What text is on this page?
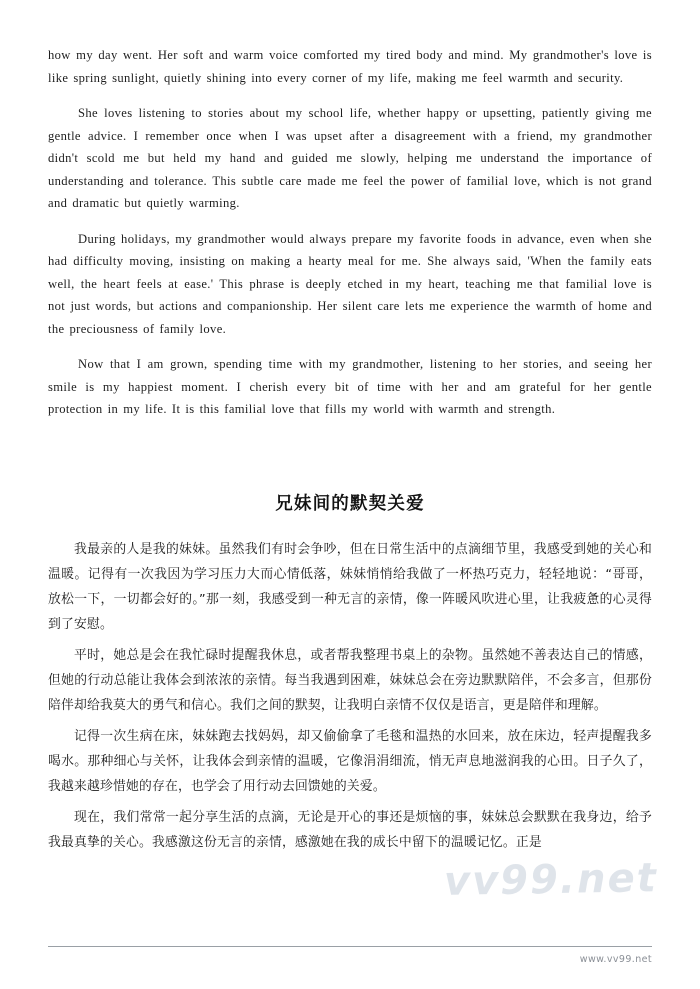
vv99.net

how my day went. Her soft and warm voice comforted my tired body and mind. My grandmother's love is like spring sunlight, quietly shining into every corner of my life, making me feel warmth and security.

She loves listening to stories about my school life, whether happy or upsetting, patiently giving me gentle advice. I remember once when I was upset after a disagreement with a friend, my grandmother didn't scold me but held my hand and guided me slowly, helping me understand the importance of understanding and tolerance. This subtle care made me feel the power of familial love, which is not grand and dramatic but quietly warming.

During holidays, my grandmother would always prepare my favorite foods in advance, even when she had difficulty moving, insisting on making a hearty meal for me. She always said, 'When the family eats well, the heart feels at ease.' This phrase is deeply etched in my heart, teaching me that familial love is not just words, but actions and companionship. Her silent care lets me experience the warmth of home and the preciousness of family love.

Now that I am grown, spending time with my grandmother, listening to her stories, and seeing her smile is my happiest moment. I cherish every bit of time with her and am grateful for her gentle protection in my life. It is this familial love that fills my world with warmth and strength.

兄妹间的默契关爱

我最亲的人是我的妹妹。虽然我们有时会争吵，但在日常生活中的点滴细节里，我感受到她的关心和温暖。记得有一次我因为学习压力大而心情低落，妹妹悄悄给我做了一杯热巧克力，轻轻地说：“哥哥，放松一下，一切都会好的。”那一刻，我感受到一种无言的亲情，像一阵暖风吹进心里，让我疲惫的心灵得到了安慰。

平时，她总是会在我忙碌时提醒我休息，或者帮我整理书桌上的杂物。虽然她不善表达自己的情感，但她的行动总能让我体会到浓浓的亲情。每当我遇到困难，妹妹总会在旁边默默陪伴，不会多言，但那份陪伴却给我莫大的勇气和信心。我们之间的默契，让我明白亲情不仅仅是语言，更是陪伴和理解。

记得一次生病在床，妹妹跑去找妈妈，却又偷偷拿了毛毯和温热的水回来，放在床边，轻声提醒我多喝水。那种细心与关怀，让我体会到亲情的温暖，它像涓涓细流，悄无声息地滋润我的心田。日子久了，我越来越珍惜她的存在，也学会了用行动去回馈她的关爱。

现在，我们常常一起分享生活的点滴，无论是开心的事还是烦恼的事，妹妹总会默默在我身边，给予我最真挚的关心。我感激这份无言的亲情，感激她在我的成长中留下的温暖记忆。正是

www.vv99.net
